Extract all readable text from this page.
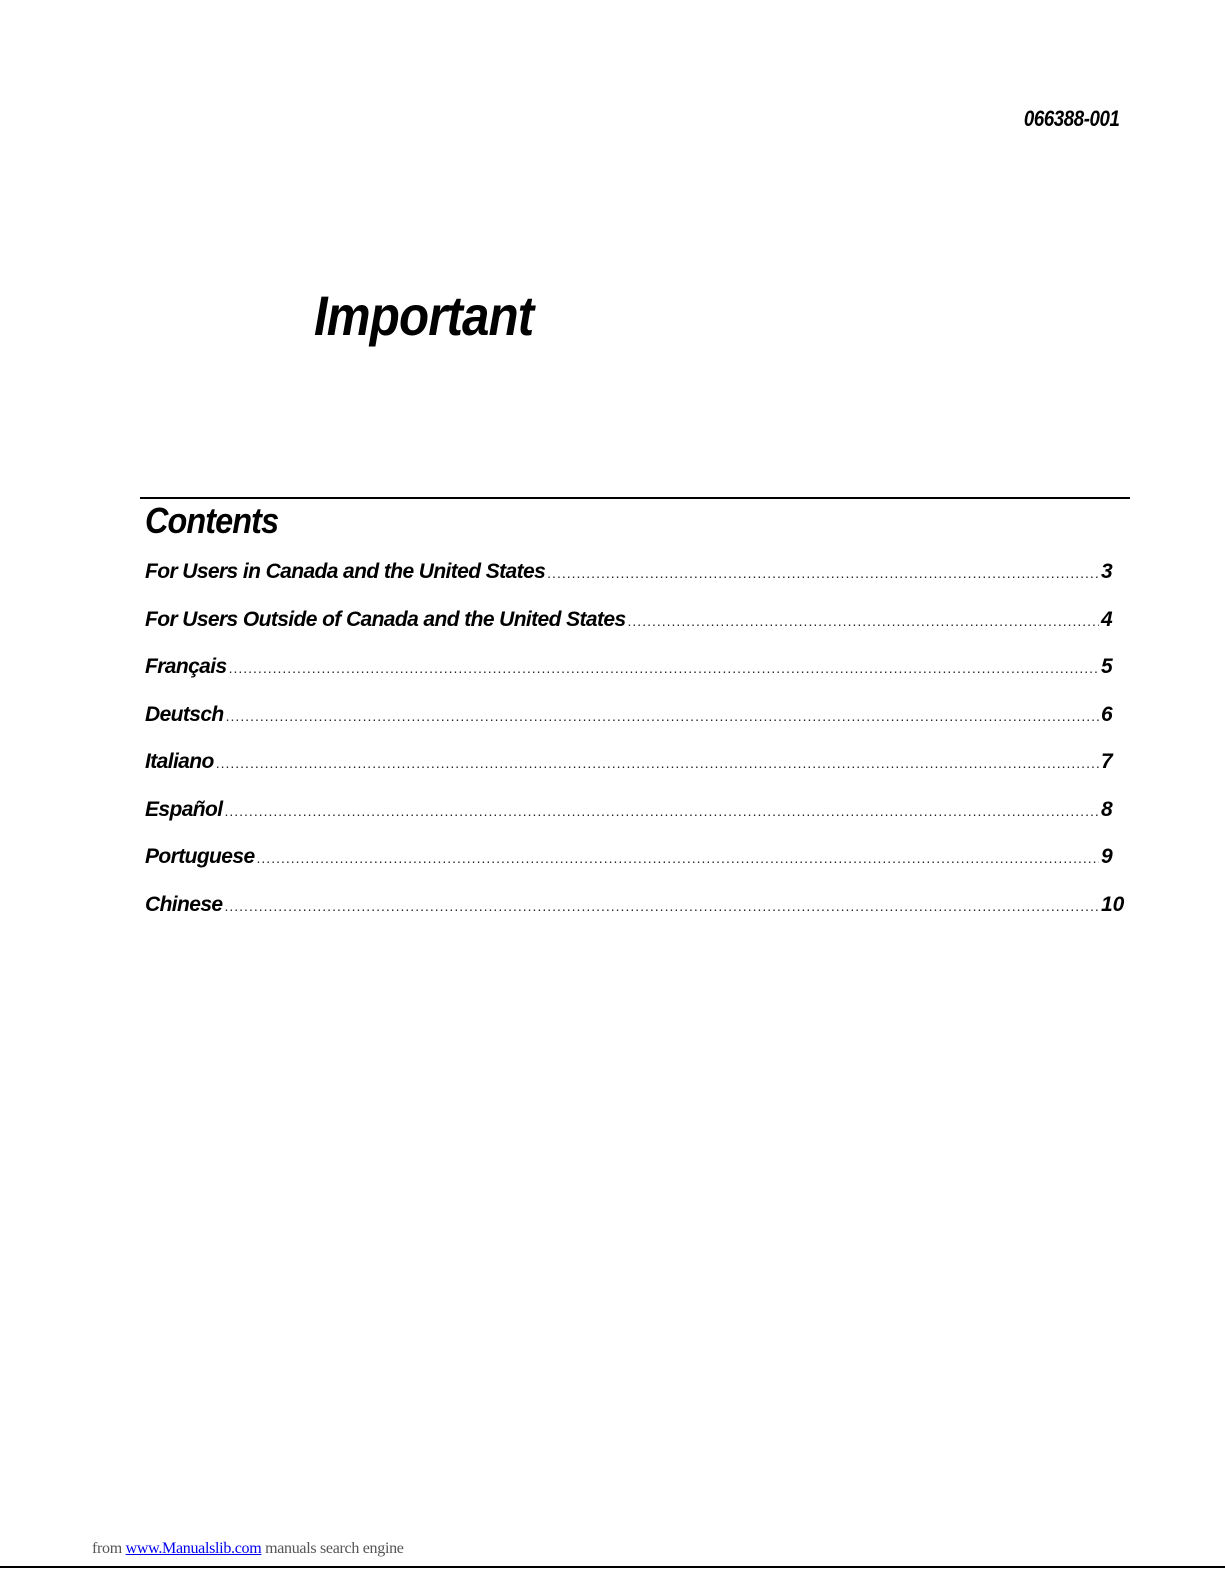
066388-001
Important
Contents
For Users in Canada and the United States .....	3
For Users Outside of Canada and the United States .....	4
Français .....	5
Deutsch .....	6
Italiano .....	7
Español .....	8
Portuguese .....	9
Chinese .....	10
from www.Manualslib.com manuals search engine
